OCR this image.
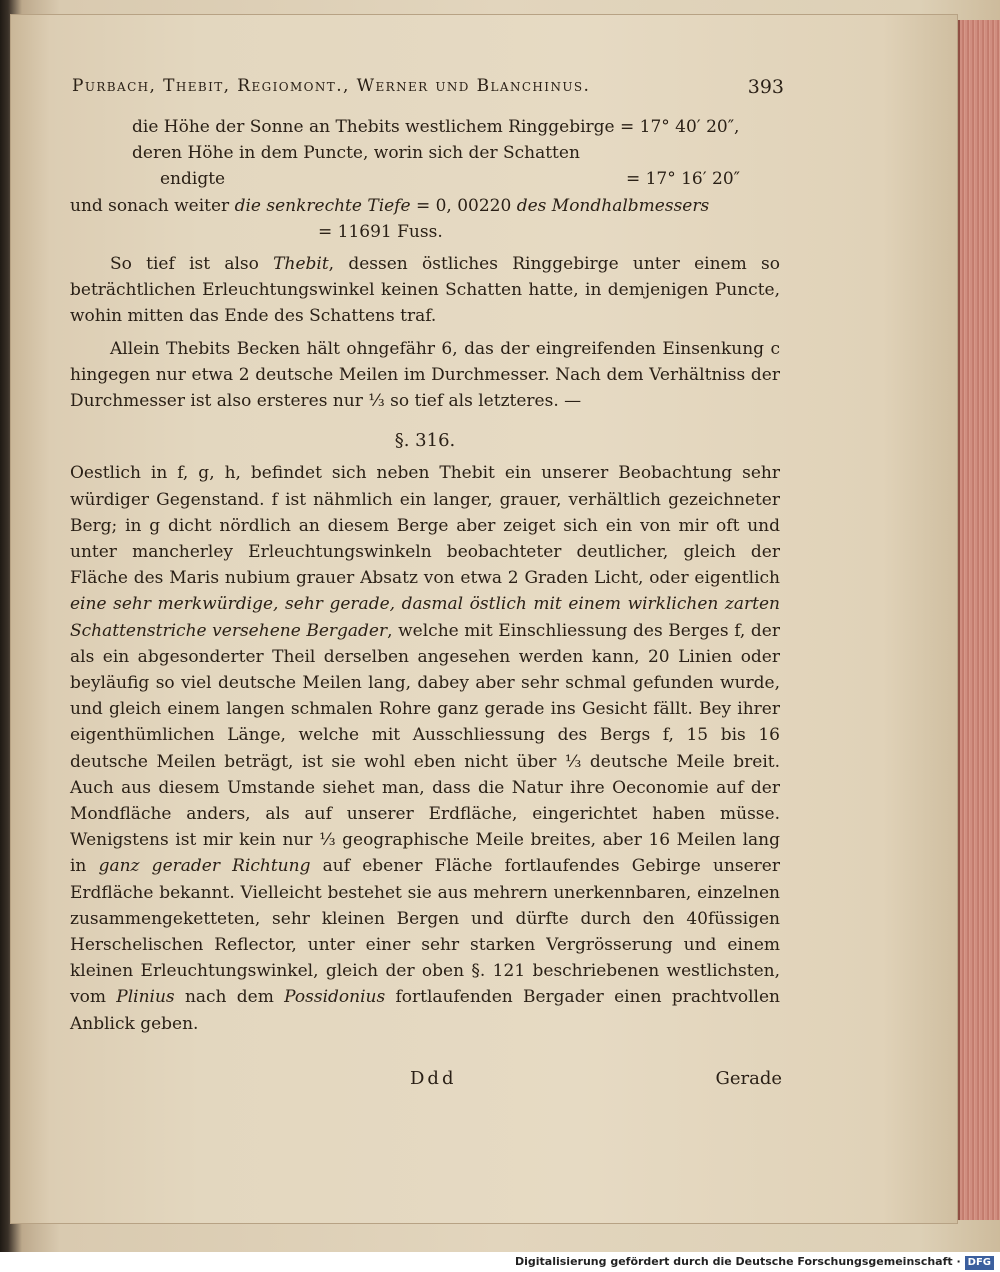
Purbach, Thebit, Regiomont., Werner und Blanchinus.	393
die Höhe der Sonne an Thebits westlichem Ringgebirge = 17° 40′ 20″,
deren Höhe in dem Puncte, worin sich der Schatten
endigte	= 17° 16′ 20″
und sonach weiter die senkrechte Tiefe = 0, 00220 des Mondhalbmessers
= 11691 Fuss.
So tief ist also Thebit, dessen östliches Ringgebirge unter einem so beträchtlichen Erleuchtungswinkel keinen Schatten hatte, in demjenigen Puncte, wohin mitten das Ende des Schattens traf.
Allein Thebits Becken hält ohngefähr 6, das der eingreifenden Einsenkung c hingegen nur etwa 2 deutsche Meilen im Durchmesser. Nach dem Verhältniss der Durchmesser ist also ersteres nur ⅓ so tief als letzteres. —
§. 316.
Oestlich in f, g, h, befindet sich neben Thebit ein unserer Beobachtung sehr würdiger Gegenstand. f ist nähmlich ein langer, grauer, verhältlich gezeichneter Berg; in g dicht nördlich an diesem Berge aber zeiget sich ein von mir oft und unter mancherley Erleuchtungswinkeln beobachteter deutlicher, gleich der Fläche des Maris nubium grauer Absatz von etwa 2 Graden Licht, oder eigentlich eine sehr merkwürdige, sehr gerade, dasmal östlich mit einem wirklichen zarten Schattenstriche versehene Bergader, welche mit Einschliessung des Berges f, der als ein abgesonderter Theil derselben angesehen werden kann, 20 Linien oder beyläufig so viel deutsche Meilen lang, dabey aber sehr schmal gefunden wurde, und gleich einem langen schmalen Rohre ganz gerade ins Gesicht fällt. Bey ihrer eigenthümlichen Länge, welche mit Ausschliessung des Bergs f, 15 bis 16 deutsche Meilen beträgt, ist sie wohl eben nicht über ⅓ deutsche Meile breit. Auch aus diesem Umstande siehet man, dass die Natur ihre Oeconomie auf der Mondfläche anders, als auf unserer Erdfläche, eingerichtet haben müsse. Wenigstens ist mir kein nur ⅓ geographische Meile breites, aber 16 Meilen lang in ganz gerader Richtung auf ebener Fläche fortlaufendes Gebirge unserer Erdfläche bekannt. Vielleicht bestehet sie aus mehrern unerkennbaren, einzelnen zusammengeketteten, sehr kleinen Bergen und dürfte durch den 40füssigen Herschelischen Reflector, unter einer sehr starken Vergrösserung und einem kleinen Erleuchtungswinkel, gleich der oben §. 121 beschriebenen westlichsten, vom Plinius nach dem Possidonius fortlaufenden Bergader einen prachtvollen Anblick geben.
Ddd	Gerade
Digitalisierung gefördert durch die Deutsche Forschungsgemeinschaft · DFG
